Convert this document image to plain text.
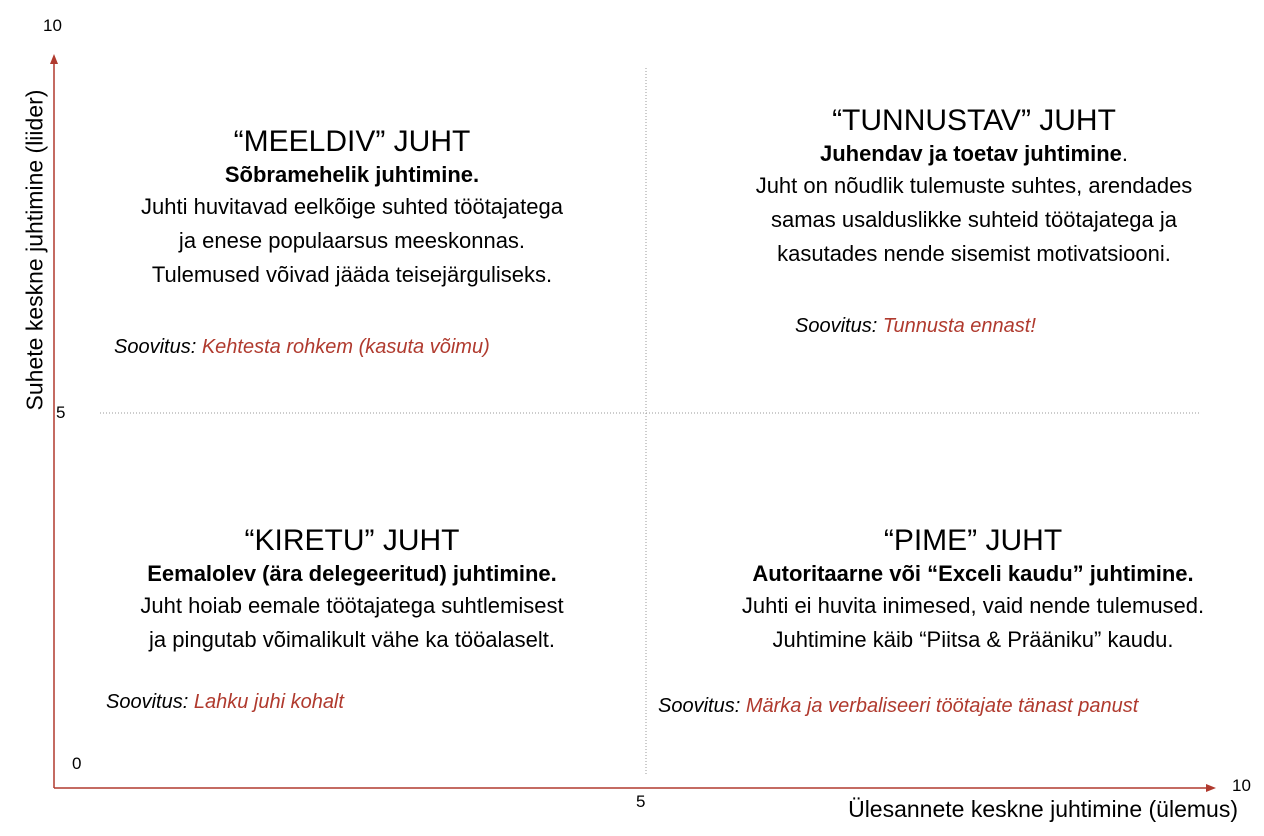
10
5
0
5
10
Suhete keskne juhtimine (liider)
Ülesannete keskne juhtimine (ülemus)
“MEELDIV” JUHT
Sõbramehelik juhtimine.
Juhti huvitavad eelkõige suhted töötajatega
ja enese populaarsus meeskonnas.
Tulemused võivad jääda teisejärguliseks.
Soovitus: Kehtesta rohkem (kasuta võimu)
“TUNNUSTAV” JUHT
Juhendav ja toetav juhtimine.
Juht on nõudlik tulemuste suhtes, arendades
samas usaldusl﻿ikke suhteid töötajatega ja
kasutades nende sisemist motivatsiooni.
Soovitus: Tunnusta ennast!
“KIRETU” JUHT
Eemalolev (ära delegeeritud) juhtimine.
Juht hoiab eemale töötajatega suhtlemisest
ja pingutab võimalikult vähe ka tööalaselt.
Soovitus: Lahku juhi kohalt
“PIME” JUHT
Autoritaarne või “Exceli kaudu” juhtimine.
Juhti ei huvita inimesed, vaid nende tulemused.
Juhtimine käib “Piitsa & Prääniku” kaudu.
Soovitus: Märka ja verbaliseeri töötajate tänast panust
